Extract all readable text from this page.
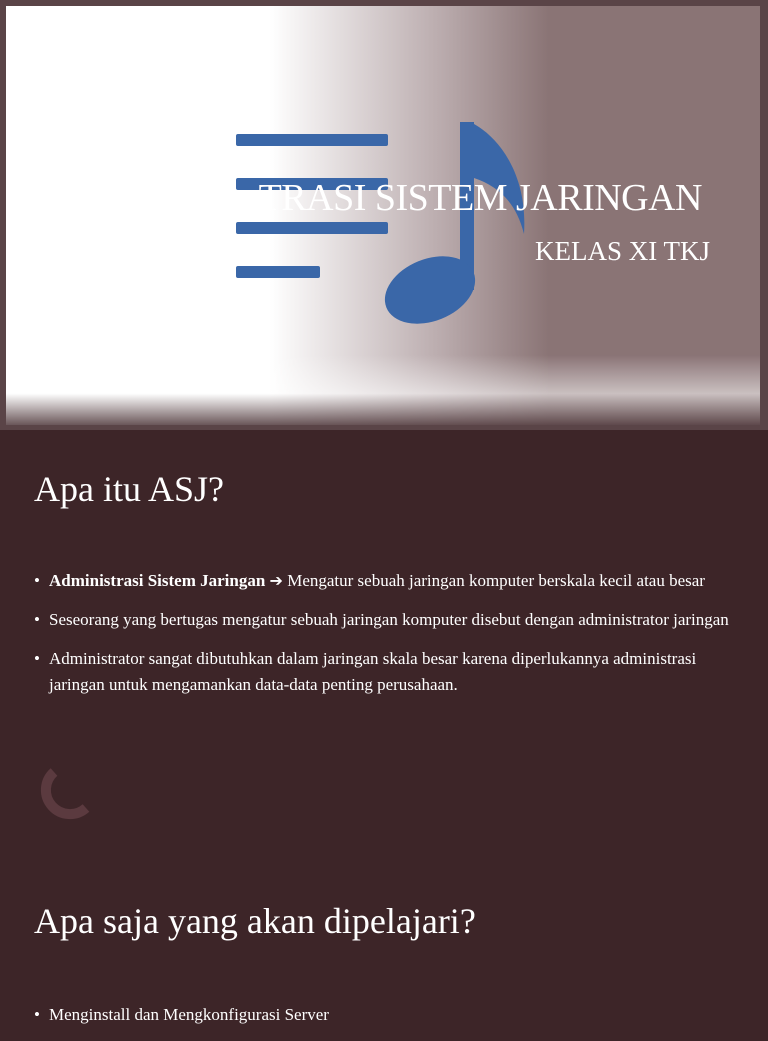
TRASI SISTEM JARINGAN
KELAS XI TKJ
Apa itu ASJ?
• Administrasi Sistem Jaringan ➔ Mengatur sebuah jaringan komputer berskala kecil atau besar
• Seseorang yang bertugas mengatur sebuah jaringan komputer disebut dengan administrator jaringan
• Administrator sangat dibutuhkan dalam jaringan skala besar karena diperlukannya administrasi jaringan untuk mengamankan data-data penting perusahaan.
Apa saja yang akan dipelajari?
• Menginstall dan Mengkonfigurasi Server
